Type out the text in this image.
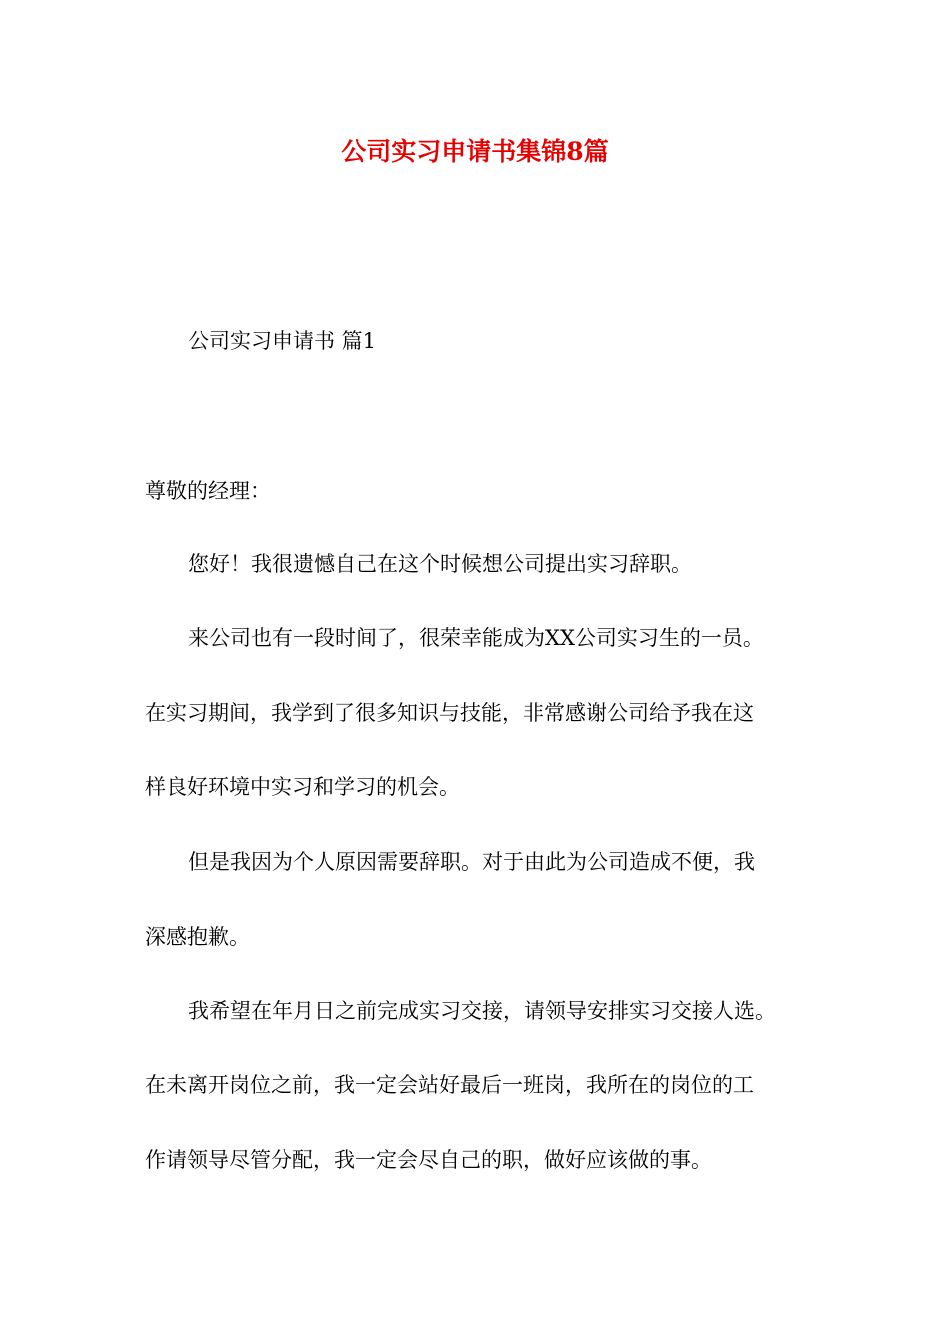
公司实习申请书集锦8篇
公司实习申请书 篇1
尊敬的经理：
您好！我很遗憾自己在这个时候想公司提出实习辞职。
来公司也有一段时间了，很荣幸能成为XX公司实习生的一员。
在实习期间，我学到了很多知识与技能，非常感谢公司给予我在这
样良好环境中实习和学习的机会。
但是我因为个人原因需要辞职。对于由此为公司造成不便，我
深感抱歉。
我希望在年月日之前完成实习交接，请领导安排实习交接人选。
在未离开岗位之前，我一定会站好最后一班岗，我所在的岗位的工
作请领导尽管分配，我一定会尽自己的职，做好应该做的事。
